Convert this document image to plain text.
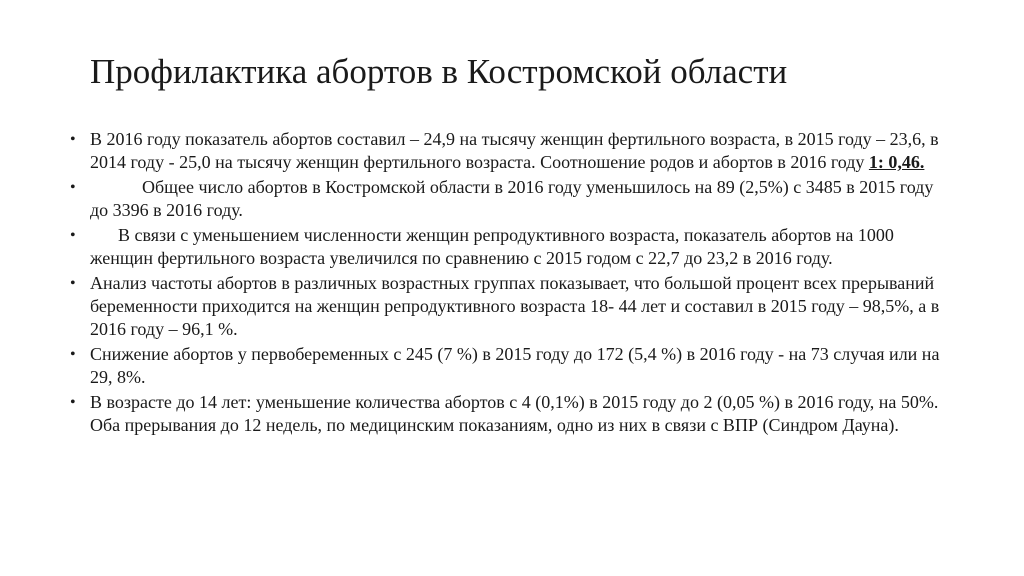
Профилактика абортов в Костромской области
• В 2016 году показатель абортов составил – 24,9 на тысячу женщин фертильного возраста, в 2015 году – 23,6, в 2014 году - 25,0 на тысячу женщин фертильного возраста. Соотношение родов и абортов в 2016 году 1: 0,46.
•	Общее число абортов в Костромской области в 2016 году уменьшилось на 89 (2,5%) с 3485 в 2015 году до 3396 в 2016 году.
•	В связи с уменьшением численности женщин репродуктивного возраста, показатель абортов на 1000 женщин фертильного возраста увеличился по сравнению с 2015 годом с 22,7 до 23,2 в 2016 году.
• Анализ частоты абортов в различных возрастных группах показывает, что большой процент всех прерываний беременности приходится на женщин репродуктивного возраста 18- 44 лет и составил в 2015 году – 98,5%, а в 2016 году – 96,1 %.
• Снижение абортов у первобеременных с 245 (7 %) в 2015 году до 172 (5,4 %) в 2016 году - на 73 случая или на 29, 8%.
• В возрасте до 14 лет: уменьшение количества абортов с 4 (0,1%) в 2015 году до 2 (0,05 %) в 2016 году, на 50%. Оба прерывания до 12 недель, по медицинским показаниям, одно из них в связи с ВПР (Синдром Дауна).
